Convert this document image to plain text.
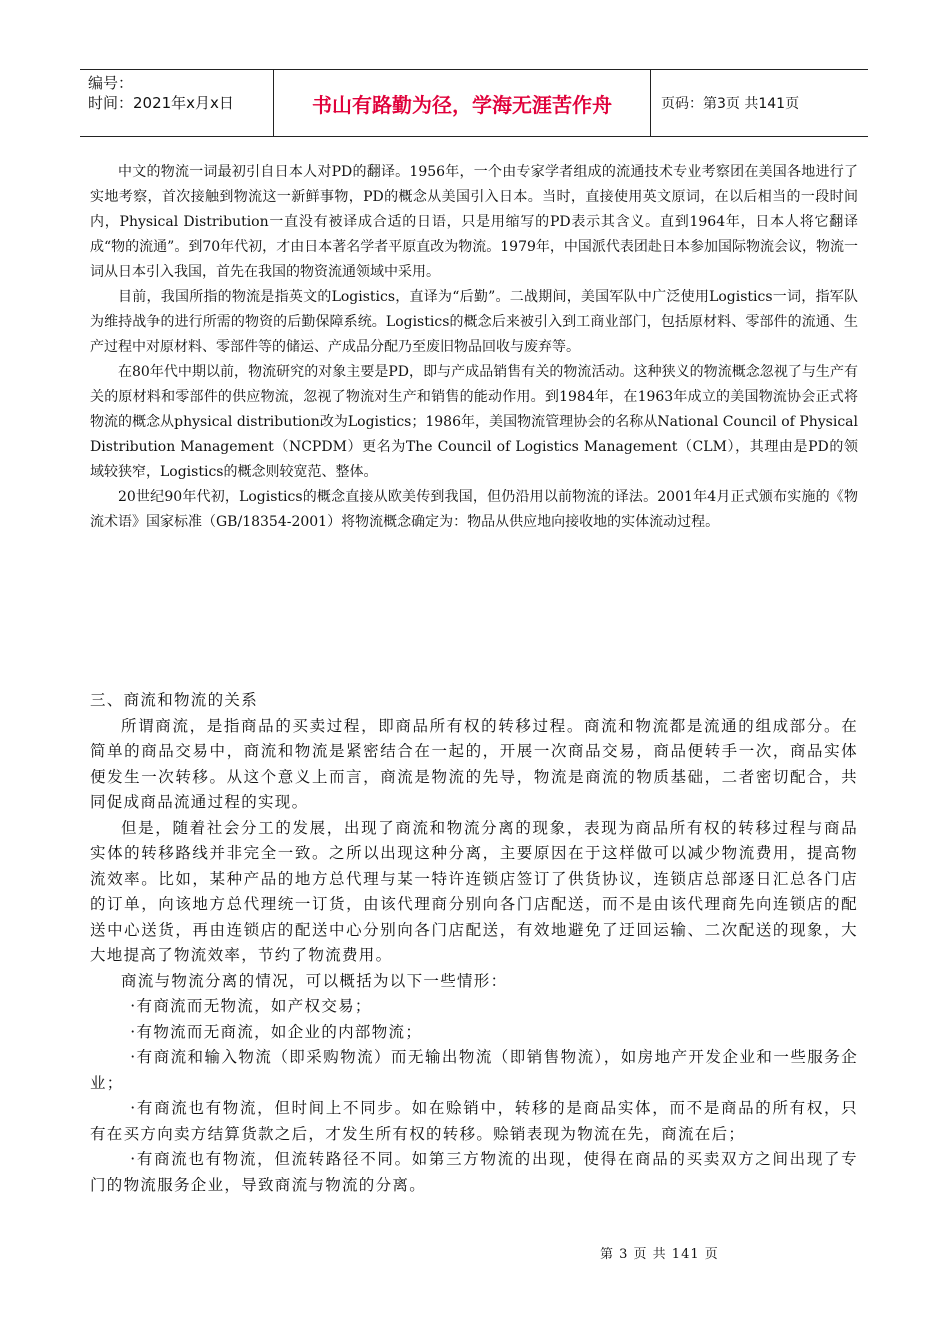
编号：
时间：2021年x月x日	书山有路勤为径，学海无涯苦作舟	页码：第3页 共141页

中文的物流一词最初引自日本人对PD的翻译。1956年，一个由专家学者组成的流通技术专业考察团在美国各地进行了实地考察，首次接触到物流这一新鲜事物，PD的概念从美国引入日本。当时，直接使用英文原词，在以后相当的一段时间内，Physical Distribution一直没有被译成合适的日语，只是用缩写的PD表示其含义。直到1964年，日本人将它翻译成“物的流通”。到70年代初，才由日本著名学者平原直改为物流。1979年，中国派代表团赴日本参加国际物流会议，物流一词从日本引入我国，首先在我国的物资流通领域中采用。

目前，我国所指的物流是指英文的Logistics，直译为“后勤”。二战期间，美国军队中广泛使用Logistics一词，指军队为维持战争的进行所需的物资的后勤保障系统。Logistics的概念后来被引入到工商业部门，包括原材料、零部件的流通、生产过程中对原材料、零部件等的储运、产成品分配乃至废旧物品回收与废弃等。

在80年代中期以前，物流研究的对象主要是PD，即与产成品销售有关的物流活动。这种狭义的物流概念忽视了与生产有关的原材料和零部件的供应物流，忽视了物流对生产和销售的能动作用。到1984年，在1963年成立的美国物流协会正式将物流的概念从physical distribution改为Logistics；1986年，美国物流管理协会的名称从National Council of Physical Distribution Management（NCPDM）更名为The Council of Logistics Management（CLM），其理由是PD的领域较狭窄，Logistics的概念则较宽范、整体。

20世纪90年代初，Logistics的概念直接从欧美传到我国，但仍沿用以前物流的译法。2001年4月正式颁布实施的《物流术语》国家标准（GB/18354-2001）将物流概念确定为：物品从供应地向接收地的实体流动过程。

三、商流和物流的关系

所谓商流，是指商品的买卖过程，即商品所有权的转移过程。商流和物流都是流通的组成部分。在简单的商品交易中，商流和物流是紧密结合在一起的，开展一次商品交易，商品便转手一次，商品实体便发生一次转移。从这个意义上而言，商流是物流的先导，物流是商流的物质基础，二者密切配合，共同促成商品流通过程的实现。

但是，随着社会分工的发展，出现了商流和物流分离的现象，表现为商品所有权的转移过程与商品实体的转移路线并非完全一致。之所以出现这种分离，主要原因在于这样做可以减少物流费用，提高物流效率。比如，某种产品的地方总代理与某一特许连锁店签订了供货协议，连锁店总部逐日汇总各门店的订单，向该地方总代理统一订货，由该代理商分别向各门店配送，而不是由该代理商先向连锁店的配送中心送货，再由连锁店的配送中心分别向各门店配送，有效地避免了迂回运输、二次配送的现象，大大地提高了物流效率，节约了物流费用。

商流与物流分离的情况，可以概括为以下一些情形：

·有商流而无物流，如产权交易；

·有物流而无商流，如企业的内部物流；

·有商流和输入物流（即采购物流）而无输出物流（即销售物流），如房地产开发企业和一些服务企业；

·有商流也有物流，但时间上不同步。如在赊销中，转移的是商品实体，而不是商品的所有权，只有在买方向卖方结算货款之后，才发生所有权的转移。赊销表现为物流在先，商流在后；

·有商流也有物流，但流转路径不同。如第三方物流的出现，使得在商品的买卖双方之间出现了专门的物流服务企业，导致商流与物流的分离。

第 3 页 共 141 页
